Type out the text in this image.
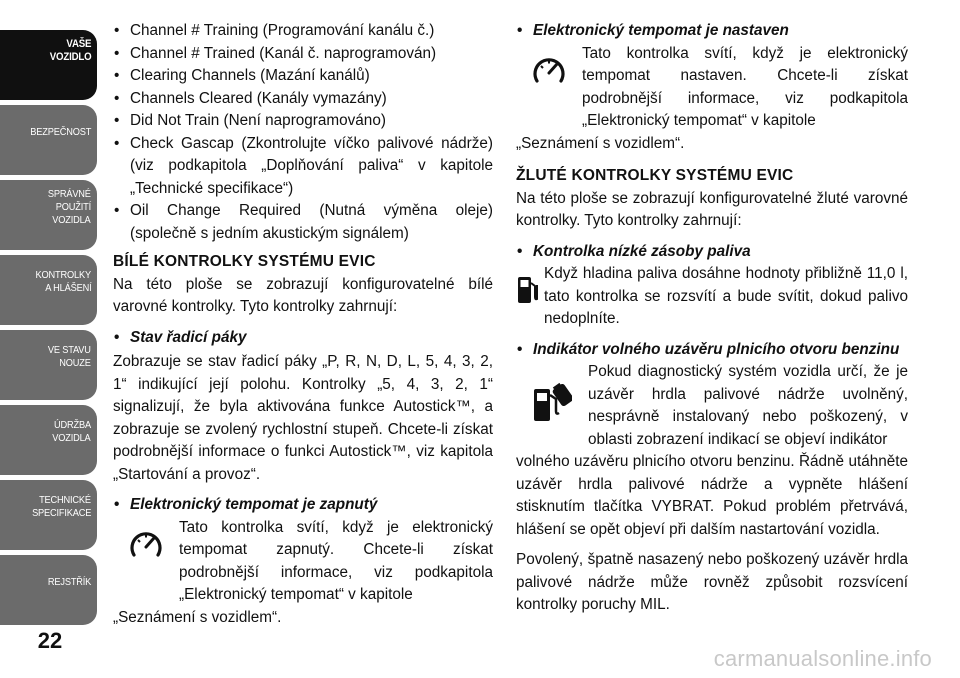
VAŠE
VOZIDLO
BEZPEČNOST
SPRÁVNÉ
POUŽITÍ
VOZIDLA
KONTROLKY
A HLÁŠENÍ
VE STAVU
NOUZE
ÚDRŽBA
VOZIDLA
TECHNICKÉ
SPECIFIKACE
REJSTŘÍK
22
• Channel # Training (Programování kanálu č.)
• Channel # Trained (Kanál č. naprogramován)
• Clearing Channels (Mazání kanálů)
• Channels Cleared (Kanály vymazány)
• Did Not Train (Není naprogramováno)
• Check Gascap (Zkontrolujte víčko palivové nádrže) (viz podkapitola „Doplňování paliva“ v kapitole „Technické specifikace“)
• Oil Change Required (Nutná výměna oleje) (společně s jedním akustickým signálem)
BÍLÉ KONTROLKY SYSTÉMU EVIC
Na této ploše se zobrazují konfigurovatelné bílé varovné kontrolky. Tyto kontrolky zahrnují:
• Stav řadicí páky
Zobrazuje se stav řadicí páky „P, R, N, D, L, 5, 4, 3, 2, 1“ indikující její polohu. Kontrolky „5, 4, 3, 2, 1“ signalizují, že byla aktivována funkce Autostick™, a zobrazuje se zvolený rychlostní stupeň. Chcete-li získat podrobnější informace o funkci Autostick™, viz kapitola „Startování a provoz“.
• Elektronický tempomat je zapnutý
Tato kontrolka svítí, když je elektronický tempomat zapnutý. Chcete-li získat podrobnější informace, viz podkapitola „Elektronický tempomat“ v kapitole
„Seznámení s vozidlem“.
• Elektronický tempomat je nastaven
Tato kontrolka svítí, když je elektronický tempomat nastaven. Chcete-li získat podrobnější informace, viz podkapitola „Elektronický tempomat“ v kapitole
„Seznámení s vozidlem“.
ŽLUTÉ KONTROLKY SYSTÉMU EVIC
Na této ploše se zobrazují konfigurovatelné žluté varovné kontrolky. Tyto kontrolky zahrnují:
• Kontrolka nízké zásoby paliva
Když hladina paliva dosáhne hodnoty přibližně 11,0 l, tato kontrolka se rozsvítí a bude svítit, dokud palivo nedoplníte.
• Indikátor volného uzávěru plnicího otvoru benzinu
Pokud diagnostický systém vozidla určí, že je uzávěr hrdla palivové nádrže uvolněný, nesprávně instalovaný nebo poškozený, v oblasti zobrazení indikací se objeví indikátor
volného uzávěru plnicího otvoru benzinu. Řádně utáhněte uzávěr hrdla palivové nádrže a vypněte hlášení stisknutím tlačítka VYBRAT. Pokud problém přetrvává, hlášení se opět objeví při dalším nastartování vozidla.
Povolený, špatně nasazený nebo poškozený uzávěr hrdla palivové nádrže může rovněž způsobit rozsvícení kontrolky poruchy MIL.
carmanualsonline.info
